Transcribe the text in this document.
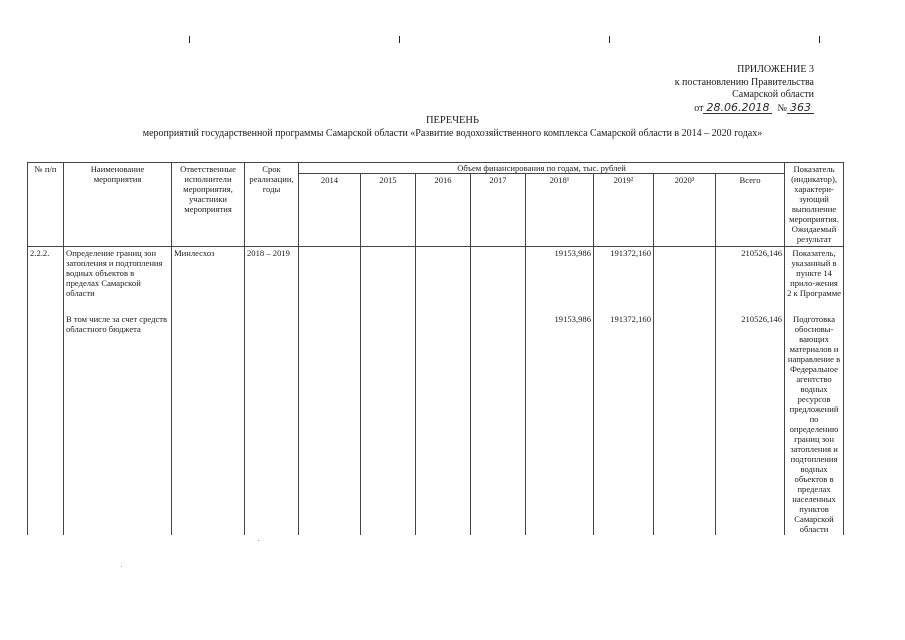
ПРИЛОЖЕНИЕ 3
к постановлению Правительства
Самарской области
от 28.06.2018 № 363
ПЕРЕЧЕНЬ
мероприятий государственной программы Самарской области «Развитие водохозяйственного комплекса Самарской области в 2014 – 2020 годах»
№ п/п	Наименование мероприятия	Ответственные исполнители мероприятия, участники мероприятия	Срок реализации, годы	Объем финансирования по годам, тыс. рублей								Показатель (индикатор), характери-зующий выполнение мероприятия. Ожидаемый результат
				2014	2015	2016	2017	2018¹	2019²	2020³	Всего	
2.2.2.	Определение границ зон затопления и подтопления водных объектов в пределах Самарской области	Минлесхоз	2018 – 2019					19153,986	191372,160		210526,146	Показатель, указанный в пункте 14 прило-жения 2 к Программе

	В том числе за счет средств областного бюджета							19153,986	191372,160		210526,146	Подготовка обосновы-вающих материалов и направление в Федеральное агентство водных ресурсов предложений по определению границ зон затопления и подтопления водных объектов в пределах населенных пунктов Самарской области
